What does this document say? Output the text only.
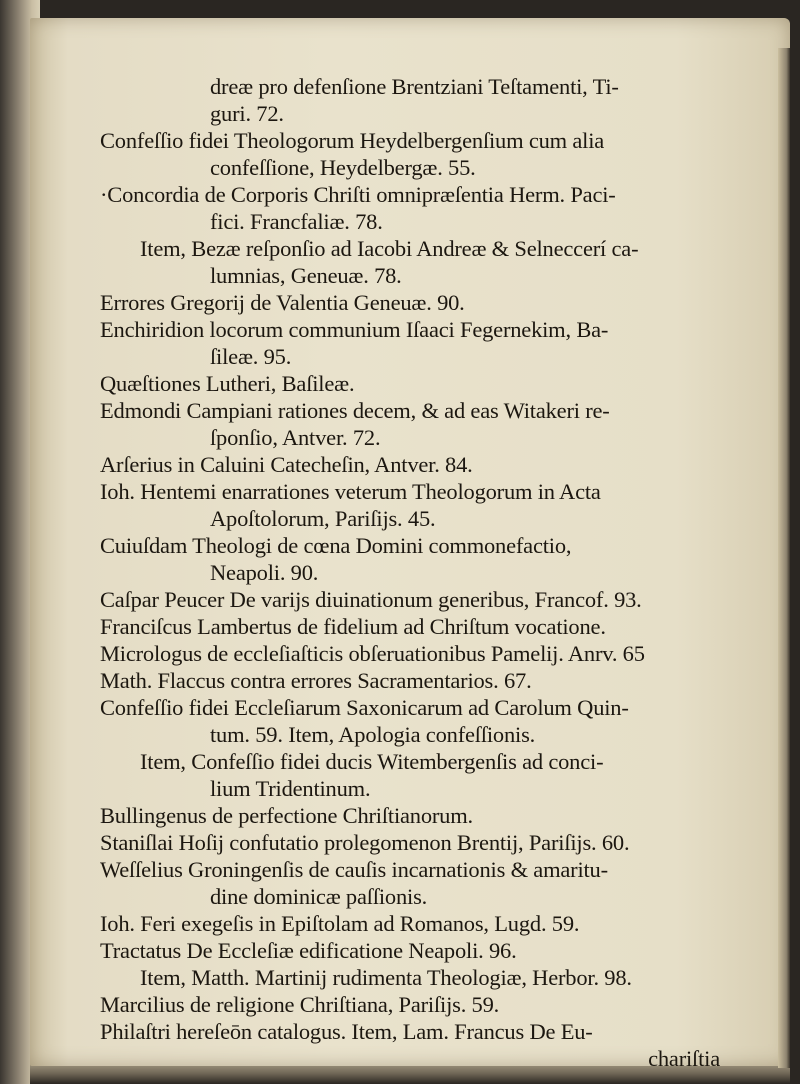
dreæ pro defenſione Brentziani Teſtamenti, Ti-
guri. 72.
Confeſſio fidei Theologorum Heydelbergenſium cum alia
confeſſione, Heydelbergæ. 55.
·Concordia de Corporis Chriſti omnipræſentia Herm. Paci-
fici. Francfaliæ. 78.
Item, Bezæ reſponſio ad Iacobi Andreæ & Selneccerí ca-
lumnias, Geneuæ. 78.
Errores Gregorij de Valentia Geneuæ. 90.
Enchiridion locorum communium Iſaaci Fegernekim, Ba-
ſileæ. 95.
Quæſtiones Lutheri, Baſileæ.
Edmondi Campiani rationes decem, & ad eas Witakeri re-
ſponſio, Antver. 72.
Arſerius in Caluini Catecheſin, Antver. 84.
Ioh. Hentemi enarrationes veterum Theologorum in Acta
Apoſtolorum, Pariſijs. 45.
Cuiuſdam Theologi de cœna Domini commonefactio,
Neapoli. 90.
Caſpar Peucer De varijs diuinationum generibus, Francof. 93.
Franciſcus Lambertus de fidelium ad Chriſtum vocatione.
Micrologus de eccleſiaſticis obſeruationibus Pamelij. Anrv. 65
Math. Flaccus contra errores Sacramentarios. 67.
Confeſſio fidei Eccleſiarum Saxonicarum ad Carolum Quin-
tum. 59. Item, Apologia confeſſionis.
Item, Confeſſio fidei ducis Witembergenſis ad conci-
lium Tridentinum.
Bullingenus de perfectione Chriſtianorum.
Staniſlai Hoſij confutatio prolegomenon Brentij, Pariſijs. 60.
Weſſelius Groningenſis de cauſis incarnationis & amaritu-
dine dominicæ paſſionis.
Ioh. Feri exegeſis in Epiſtolam ad Romanos, Lugd. 59.
Tractatus De Eccleſiæ edificatione Neapoli. 96.
Item, Matth. Martinij rudimenta Theologiæ, Herbor. 98.
Marcilius de religione Chriſtiana, Pariſijs. 59.
Philaſtri hereſeōn catalogus. Item, Lam. Francus De Eu-
chariſtia
